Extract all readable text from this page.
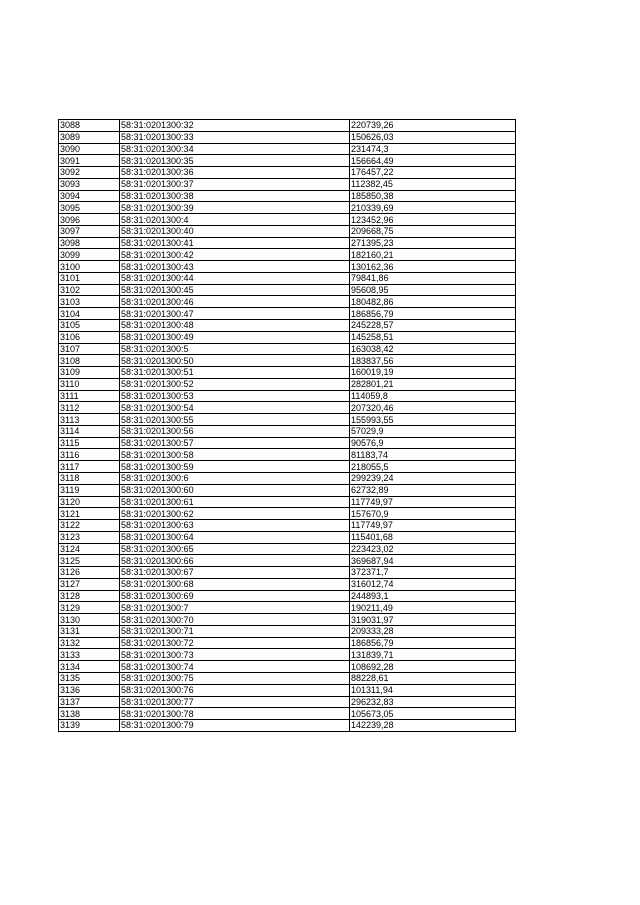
3088	58:31:0201300:32	220739,26
3089	58:31:0201300:33	150626,03
3090	58:31:0201300:34	231474,3
3091	58:31:0201300:35	156664,49
3092	58:31:0201300:36	176457,22
3093	58:31:0201300:37	112382,45
3094	58:31:0201300:38	185850,38
3095	58:31:0201300:39	210339,69
3096	58:31:0201300:4	123452,96
3097	58:31:0201300:40	209668,75
3098	58:31:0201300:41	271395,23
3099	58:31:0201300:42	182160,21
3100	58:31:0201300:43	130162,36
3101	58:31:0201300:44	79841,86
3102	58:31:0201300:45	95608,95
3103	58:31:0201300:46	180482,86
3104	58:31:0201300:47	186856,79
3105	58:31:0201300:48	245228,57
3106	58:31:0201300:49	145258,51
3107	58:31:0201300:5	163038,42
3108	58:31:0201300:50	183837,56
3109	58:31:0201300:51	160019,19
3110	58:31:0201300:52	282801,21
3111	58:31:0201300:53	114059,8
3112	58:31:0201300:54	207320,46
3113	58:31:0201300:55	155993,55
3114	58:31:0201300:56	57029,9
3115	58:31:0201300:57	90576,9
3116	58:31:0201300:58	81183,74
3117	58:31:0201300:59	218055,5
3118	58:31:0201300:6	299239,24
3119	58:31:0201300:60	62732,89
3120	58:31:0201300:61	117749,97
3121	58:31:0201300:62	157670,9
3122	58:31:0201300:63	117749,97
3123	58:31:0201300:64	115401,68
3124	58:31:0201300:65	223423,02
3125	58:31:0201300:66	369687,94
3126	58:31:0201300:67	372371,7
3127	58:31:0201300:68	316012,74
3128	58:31:0201300:69	244893,1
3129	58:31:0201300:7	190211,49
3130	58:31:0201300:70	319031,97
3131	58:31:0201300:71	209333,28
3132	58:31:0201300:72	186856,79
3133	58:31:0201300:73	131839,71
3134	58:31:0201300:74	108692,28
3135	58:31:0201300:75	88228,61
3136	58:31:0201300:76	101311,94
3137	58:31:0201300:77	296232,83
3138	58:31:0201300:78	105673,05
3139	58:31:0201300:79	142239,28
